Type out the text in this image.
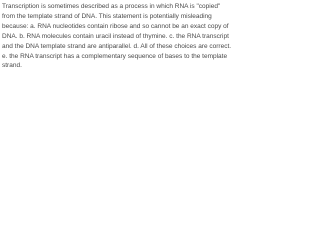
Transcription is sometimes described as a process in which RNA is "copied" from the template strand of DNA. This statement is potentially misleading because: a. RNA nucleotides contain ribose and so cannot be an exact copy of DNA. b. RNA molecules contain uracil instead of thymine. c. the RNA transcript and the DNA template strand are antiparallel. d. All of these choices are correct. e. the RNA transcript has a complementary sequence of bases to the template strand.
